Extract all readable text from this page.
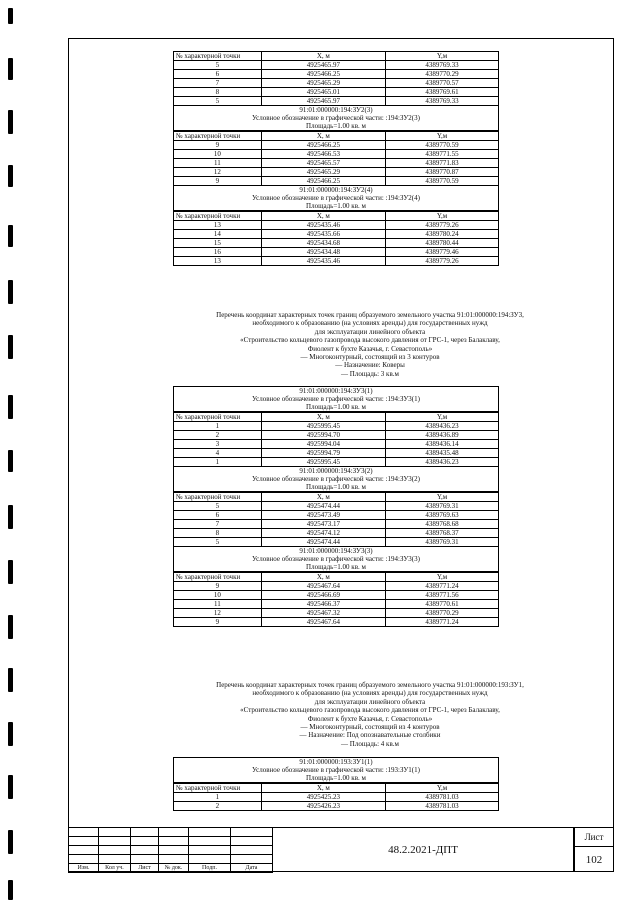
№ характерной точки	X, м	Y,м
5	4925465.97	4389769.33
6	4925466.25	4389770.29
7	4925465.29	4389770.57
8	4925465.01	4389769.61
5	4925465.97	4389769.33
91:01:000000:194:ЗУ2(3)
Условное обозначение в графической части: :194:ЗУ2(3)
Площадь=1.00 кв. м
№ характерной точки	X, м	Y,м
9	4925466.25	4389770.59
10	4925466.53	4389771.55
11	4925465.57	4389771.83
12	4925465.29	4389770.87
9	4925466.25	4389770.59
91:01:000000:194:ЗУ2(4)
Условное обозначение в графической части: :194:ЗУ2(4)
Площадь=1.00 кв. м
№ характерной точки	X, м	Y,м
13	4925435.46	4389779.26
14	4925435.66	4389780.24
15	4925434.68	4389780.44
16	4925434.48	4389779.46
13	4925435.46	4389779.26
Перечень координат характерных точек границ образуемого земельного участка 91:01:000000:194:ЗУ3,
необходимого к образованию (на условиях аренды) для государственных нужд
для эксплуатации линейного объекта
«Строительство кольцевого газопровода высокого давления от ГРС-1, через Балаклаву,
Фиолент к бухте Казачья, г. Севастополь»
— Многоконтурный, состоящий из 3 контуров
— Назначение: Коверы
— Площадь: 3 кв.м
91:01:000000:194:ЗУ3(1)
Условное обозначение в графической части: :194:ЗУ3(1)
Площадь=1.00 кв. м
№ характерной точки	X, м	Y,м
1	4925995.45	4389436.23
2	4925994.70	4389436.89
3	4925994.04	4389436.14
4	4925994.79	4389435.48
1	4925995.45	4389436.23
91:01:000000:194:ЗУ3(2)
Условное обозначение в графической части: :194:ЗУ3(2)
Площадь=1.00 кв. м
№ характерной точки	X, м	Y,м
5	4925474.44	4389769.31
6	4925473.49	4389769.63
7	4925473.17	4389768.68
8	4925474.12	4389768.37
5	4925474.44	4389769.31
91:01:000000:194:ЗУ3(3)
Условное обозначение в графической части: :194:ЗУ3(3)
Площадь=1.00 кв. м
№ характерной точки	X, м	Y,м
9	4925467.64	4389771.24
10	4925466.69	4389771.56
11	4925466.37	4389770.61
12	4925467.32	4389770.29
9	4925467.64	4389771.24
Перечень координат характерных точек границ образуемого земельного участка 91:01:000000:193:ЗУ1,
необходимого к образованию (на условиях аренды) для государственных нужд
для эксплуатации линейного объекта
«Строительство кольцевого газопровода высокого давления от ГРС-1, через Балаклаву,
Фиолент к бухте Казачья, г. Севастополь»
— Многоконтурный, состоящий из 4 контуров
— Назначение: Под опознавательные столбики
— Площадь: 4 кв.м
91:01:000000:193:ЗУ1(1)
Условное обозначение в графической части: :193:ЗУ1(1)
Площадь=1.00 кв. м
№ характерной точки	X, м	Y,м
1	4925425.23	4389781.03
2	4925426.23	4389781.03

Изм.	Кол уч.	Лист	№ док.	Подп.	Дата
48.2.2021-ДПТ
Лист
102
